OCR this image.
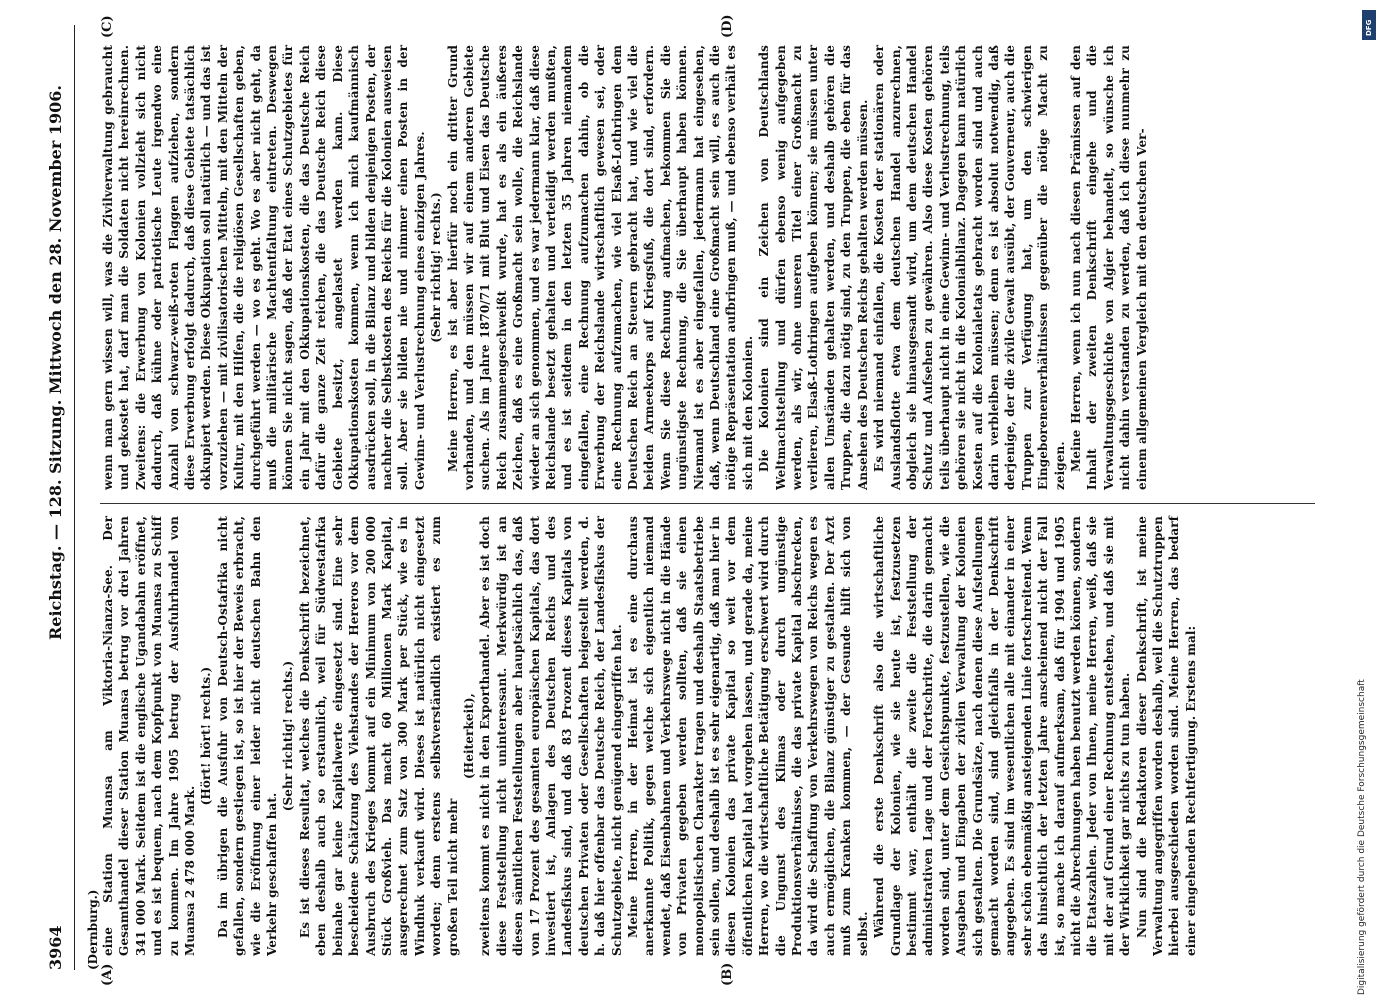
3964
Reichstag. — 128. Sitzung. Mittwoch den 28. November 1906.
(Dernburg.)
(A)	(B)
(C)	(D)

eine Station Muansa am Viktoria-Nianza-See. Der Gesamthandel dieser Station Muansa betrug vor drei Jahren 341 000 Mark. Seitdem ist die englische Ugandabahn eröffnet, und es ist bequem, nach dem Kopfpunkt von Muansa zu Schiff zu kommen. Im Jahre 1905 betrug der Ausfuhrhandel von Muansa 2 478 000 Mark.

(Hört! hört! rechts.) Da im übrigen die Ausfuhr von Deutsch-Ostafrika nicht gefallen, sondern gestiegen ist, so ist hier der Beweis erbracht, wie die Eröffnung einer leider nicht deutschen Bahn den Verkehr geschaffen hat.

(Sehr richtig! rechts.) Es ist dieses Resultat, welches die Denkschrift bezeichnet, eben deshalb auch so erstaunlich, weil für Südwestafrika beinahe gar keine Kapitalwerte eingesetzt sind. Eine sehr bescheidene Schätzung des Viehstandes der Hereros vor dem Ausbruch des Krieges kommt auf ein Minimum von 200 000 Stück Großvieh. Das macht 60 Millionen Mark Kapital, ausgerechnet zum Satz von 300 Mark per Stück, wie es in Windhuk verkauft wird. Dieses ist natürlich nicht eingesetzt worden; denn erstens selbstverständlich existiert es zum großen Teil nicht mehr

(Heiterkeit), zweitens kommt es nicht in den Exporthandel. Aber es ist doch diese Feststellung nicht uninteressant. Merkwürdig ist an diesen sämtlichen Feststellungen aber hauptsächlich das, daß von 17 Prozent des gesamten europäischen Kapitals, das dort investiert ist, Anlagen des Deutschen Reichs und des Landesfiskus sind, und daß 83 Prozent dieses Kapitals von deutschen Privaten oder Gesellschaften beigestellt werden, d. h. daß hier offenbar das Deutsche Reich, der Landesfiskus der Schutzgebiete, nicht genügend eingegriffen hat. Meine Herren, in der Heimat ist es eine durchaus anerkannte Politik, gegen welche sich eigentlich niemand wendet, daß Eisenbahnen und Verkehrswege nicht in die Hände von Privaten gegeben werden sollten, daß sie einen monopolistischen Charakter tragen und deshalb Staatsbetriebe sein sollen, und deshalb ist es sehr eigenartig, daß man hier in diesen Kolonien das private Kapital so weit vor dem öffentlichen Kapital hat vorgehen lassen, und gerade da, meine Herren, wo die wirtschaftliche Betätigung erschwert wird durch die Ungunst des Klimas oder durch ungünstige Produktionsverhältnisse, die das private Kapital abschrecken, da wird die Schaffung von Verkehrswegen von Reichs wegen es auch ermöglichen, die Bilanz günstiger zu gestalten. Der Arzt muß zum Kranken kommen, — der Gesunde hilft sich von selbst. Während die erste Denkschrift also die wirtschaftliche Grundlage der Kolonien, wie sie heute ist, festzusetzen bestimmt war, enthält die zweite die Feststellung der administrativen Lage und der Fortschritte, die darin gemacht worden sind, unter dem Gesichtspunkte, festzustellen, wie die Ausgaben und Eingaben der zivilen Verwaltung der Kolonien sich gestalten. Die Grundsätze, nach denen diese Aufstellungen gemacht worden sind, sind gleichfalls in der Denkschrift angegeben. Es sind im wesentlichen alle mit einander in einer sehr schön ebenmäßig ansteigenden Linie fortschreitend. Wenn das hinsichtlich der letzten Jahre anscheinend nicht der Fall ist, so mache ich darauf aufmerksam, daß für 1904 und 1905 nicht die Abrechnungen haben benutzt werden können, sondern die Etatszahlen. Jeder von Ihnen, meine Herren, weiß, daß sie mit der auf Grund einer Rechnung entstehen, und daß sie mit der Wirklichkeit gar nichts zu tun haben. Nun sind die Redaktoren dieser Denkschrift, ist meine Verwaltung angegriffen worden deshalb, weil die Schutztruppen hierbei ausgeschieden worden sind. Meine Herren, das bedarf einer eingehenden Rechtfertigung. Erstens mal:

wenn man gern wissen will, was die Zivilverwaltung gebraucht und gekostet hat, darf man die Soldaten nicht hereinrechnen. Zweitens: die Erwerbung von Kolonien vollzieht sich nicht dadurch, daß kühne oder patriotische Leute irgendwo eine Anzahl von schwarz-weiß-roten Flaggen aufziehen, sondern diese Erwerbung erfolgt dadurch, daß diese Gebiete tatsächlich okkupiert werden. Diese Okkupation soll natürlich — und das ist vorzuziehen — mit zivilisatorischen Mitteln, mit den Mitteln der Kultur, mit den Hilfen, die die religiösen Gesellschaften geben, durchgeführt werden — wo es geht. Wo es aber nicht geht, da muß die militärische Machtentfaltung eintreten. Deswegen können Sie nicht sagen, daß der Etat eines Schutzgebietes für ein Jahr mit den Okkupationskosten, die das Deutsche Reich dafür die ganze Zeit reichen, die das Deutsche Reich diese Gebiete besitzt, angelastet werden kann. Diese Okkupationskosten kommen, wenn ich mich kaufmännisch ausdrücken soll, in die Bilanz und bilden denjenigen Posten, der nachher die Selbstkosten des Reichs für die Kolonien ausweisen soll. Aber sie bilden nie und nimmer einen Posten in der Gewinn- und Verlustrechnung eines einzigen Jahres. (Sehr richtig! rechts.) Meine Herren, es ist aber hierfür noch ein dritter Grund vorhanden, und den müssen wir auf einem anderen Gebiete suchen. Als im Jahre 1870/71 mit Blut und Eisen das Deutsche Reich zusammengeschweißt wurde, hat es als ein äußeres Zeichen, daß es eine Großmacht sein wolle, die Reichslande wieder an sich genommen, und es war jedermann klar, daß diese Reichslande besetzt gehalten und verteidigt werden mußten, und es ist seitdem in den letzten 35 Jahren niemandem eingefallen, eine Rechnung aufzumachen dahin, ob die Erwerbung der Reichslande wirtschaftlich gewesen sei, oder eine Rechnung aufzumachen, wie viel Elsaß-Lothringen dem Deutschen Reich an Steuern gebracht hat, und wie viel die beiden Armeekorps auf Kriegsfuß, die dort sind, erfordern. Wenn Sie diese Rechnung aufmachen, bekommen Sie die ungünstigste Rechnung, die Sie überhaupt haben können. Niemand ist es aber eingefallen, jedermann hat eingesehen, daß, wenn Deutschland eine Großmacht sein will, es auch die nötige Repräsentation aufbringen muß, — und ebenso verhält es sich mit den Kolonien. Die Kolonien sind ein Zeichen von Deutschlands Weltmachtstellung und dürfen ebenso wenig aufgegeben werden, als wir, ohne unseren Titel einer Großmacht zu verlieren, Elsaß-Lothringen aufgeben können; sie müssen unter allen Umständen gehalten werden, und deshalb gehören die Truppen, die dazu nötig sind, zu den Truppen, die eben für das Ansehen des Deutschen Reichs gehalten werden müssen. Es wird niemand einfallen, die Kosten der stationären oder Auslandsflotte etwa dem deutschen Handel anzurechnen, obgleich sie hinausgesandt wird, um dem deutschen Handel Schutz und Aufsehen zu gewähren. Also diese Kosten gehören teils überhaupt nicht in eine Gewinn- und Verlustrechnung, teils gehören sie nicht in die Kolonialbilanz. Dagegen kann natürlich Kosten auf die Kolonialetats gebracht worden sind und auch darin verbleiben müssen; denn es ist absolut notwendig, daß derjenige, der die zivile Gewalt ausübt, der Gouverneur, auch die Truppen zur Verfügung hat, um den schwierigen Eingeborenenverhältnissen gegenüber die nötige Macht zu zeigen. Meine Herren, wenn ich nun nach diesen Prämissen auf den Inhalt der zweiten Denkschrift eingehe und die Verwaltungsgeschichte von Algier behandelt, so wünsche ich nicht dahin verstanden zu werden, daß ich diese nunmehr zu einem allgemeinen Vergleich mit den deutschen Ver-

DFG
Digitalisierung gefördert durch die Deutsche Forschungsgemeinschaft
